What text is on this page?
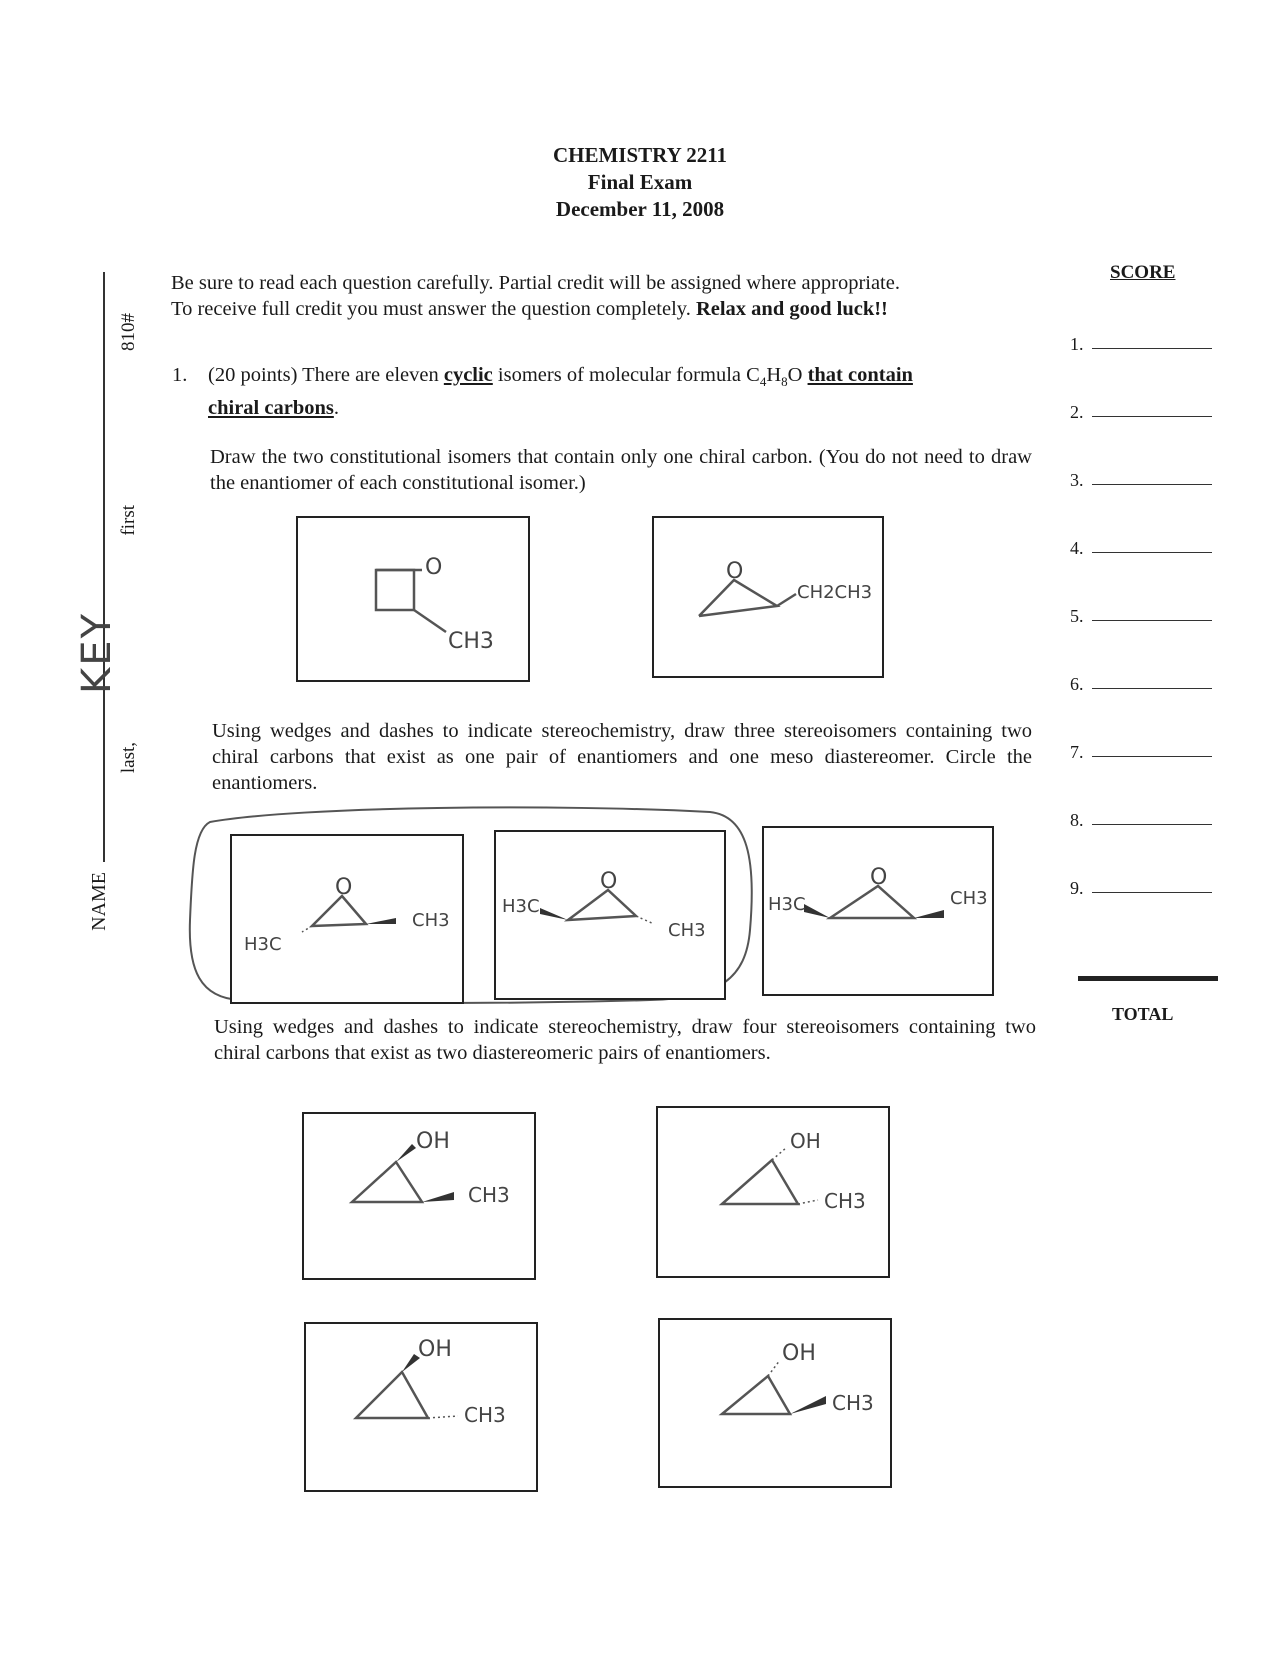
CHEMISTRY 2211
Final Exam
December 11, 2008
NAME
last,
first
810#
KEY
Be sure to read each question carefully. Partial credit will be assigned where appropriate.
To receive full credit you must answer the question completely. Relax and good luck!!
1. (20 points) There are eleven cyclic isomers of molecular formula $C_4H_8O$ that contain
chiral carbons.
Draw the two constitutional isomers that contain only one chiral carbon. (You do not need to draw the enantiomer of each constitutional isomer.)
O
CH3
O
CH2CH3
Using wedges and dashes to indicate stereochemistry, draw three stereoisomers containing two chiral carbons that exist as one pair of enantiomers and one meso diastereomer. Circle the enantiomers.
O
CH3
H3C
O
H3C
CH3
O
H3C	CH3
Using wedges and dashes to indicate stereochemistry, draw four stereoisomers containing two chiral carbons that exist as two diastereomeric pairs of enantiomers.
OH
CH3
OH
CH3
OH
CH3
OH
CH3
SCORE
1.
2.
3.
4.
5.
6.
7.
8.
9.
TOTAL
